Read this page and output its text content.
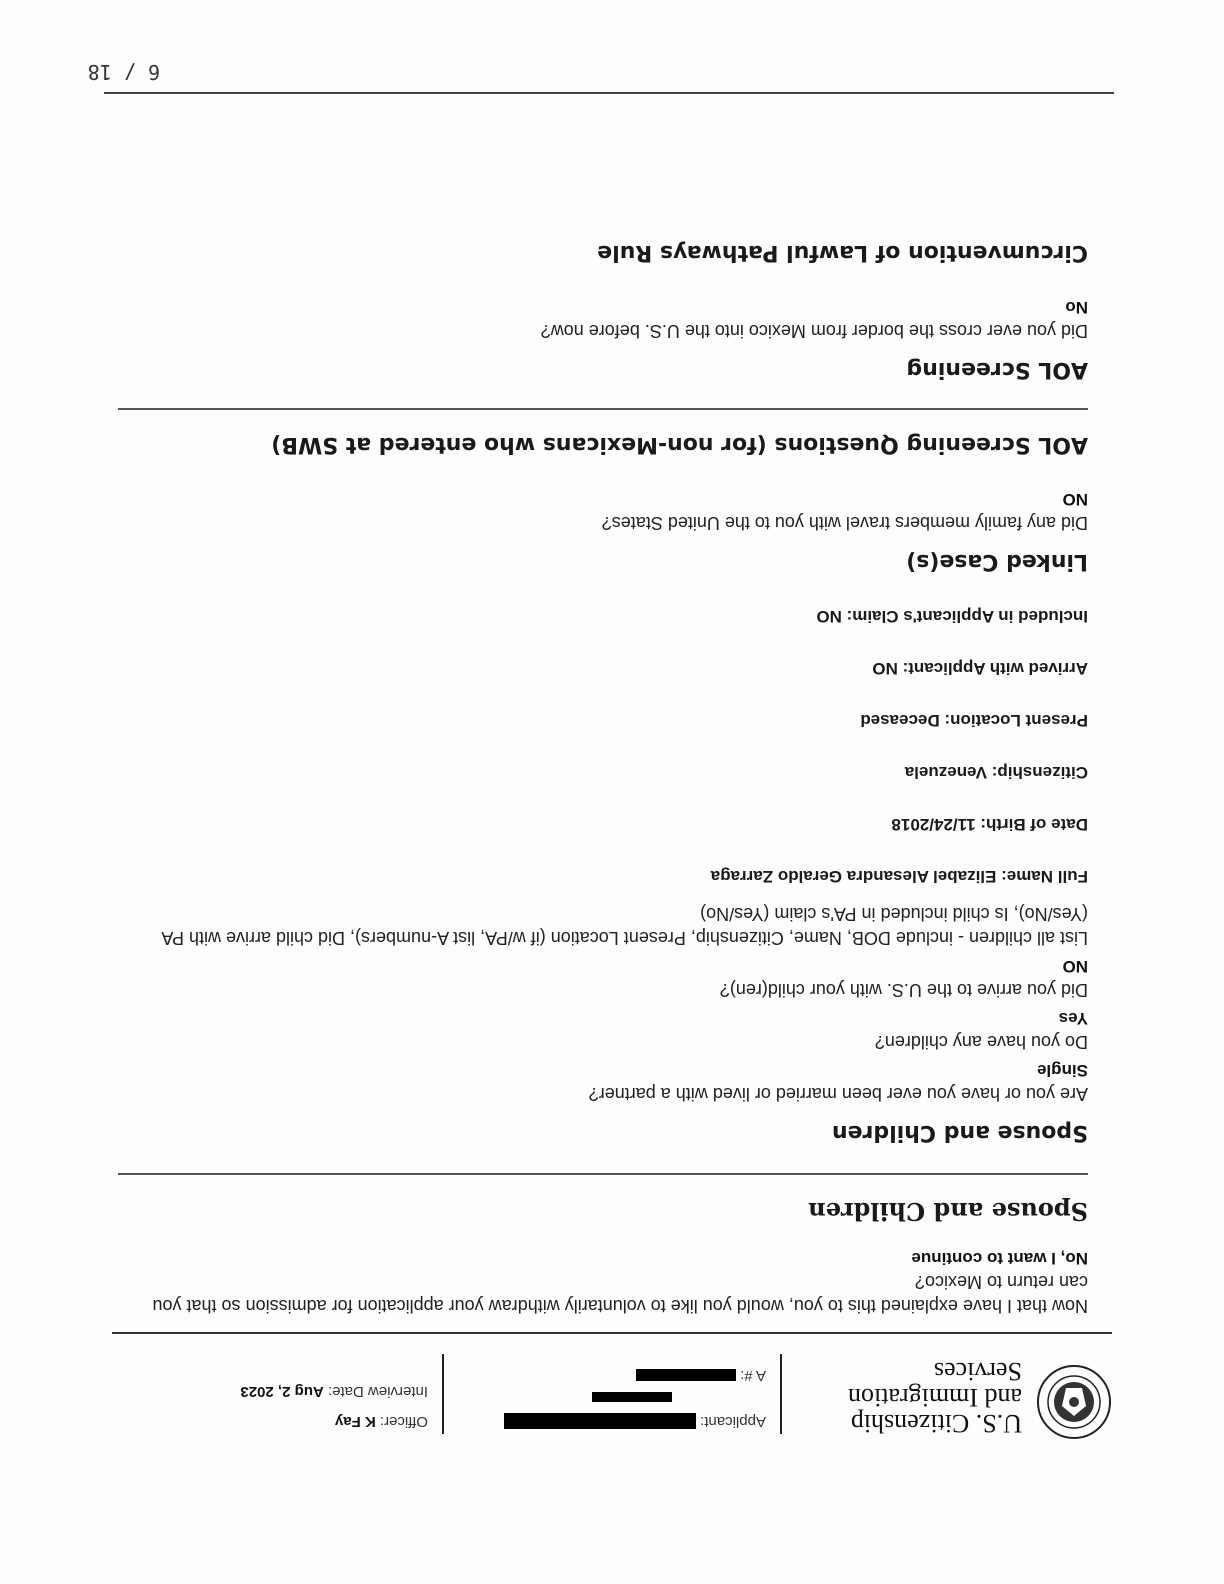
U.S. Citizenship
and Immigration
Services
Applicant:
A #:
Officer: K Fay
Interview Date: Aug 2, 2023

Now that I have explained this to you, would you like to voluntarily withdraw your application for admission so that you can return to Mexico?

No, I want to continue

Spouse and Children

Spouse and Children

Are you or have you ever been married or lived with a partner?

Single

Do you have any children?

Yes

Did you arrive to the U.S. with your child(ren)?

NO

List all children - include DOB, Name, Citizenship, Present Location (if w/PA, list A-numbers), Did child arrive with PA (Yes/No), Is child included in PA's claim (Yes/No)

Full Name: Elizabel Alesandra Geraldo Zarraga

Date of Birth: 11/24/2018

Citizenship: Venezuela

Present Location: Deceased

Arrived with Applicant: NO

Included in Applicant's Claim: NO

Linked Case(s)

Did any family members travel with you to the United States?

NO

AOL Screening Questions (for non-Mexicans who entered at SWB)

AOL Screening

Did you ever cross the border from Mexico into the U.S. before now?

No

Circumvention of Lawful Pathways Rule

6 / 18
